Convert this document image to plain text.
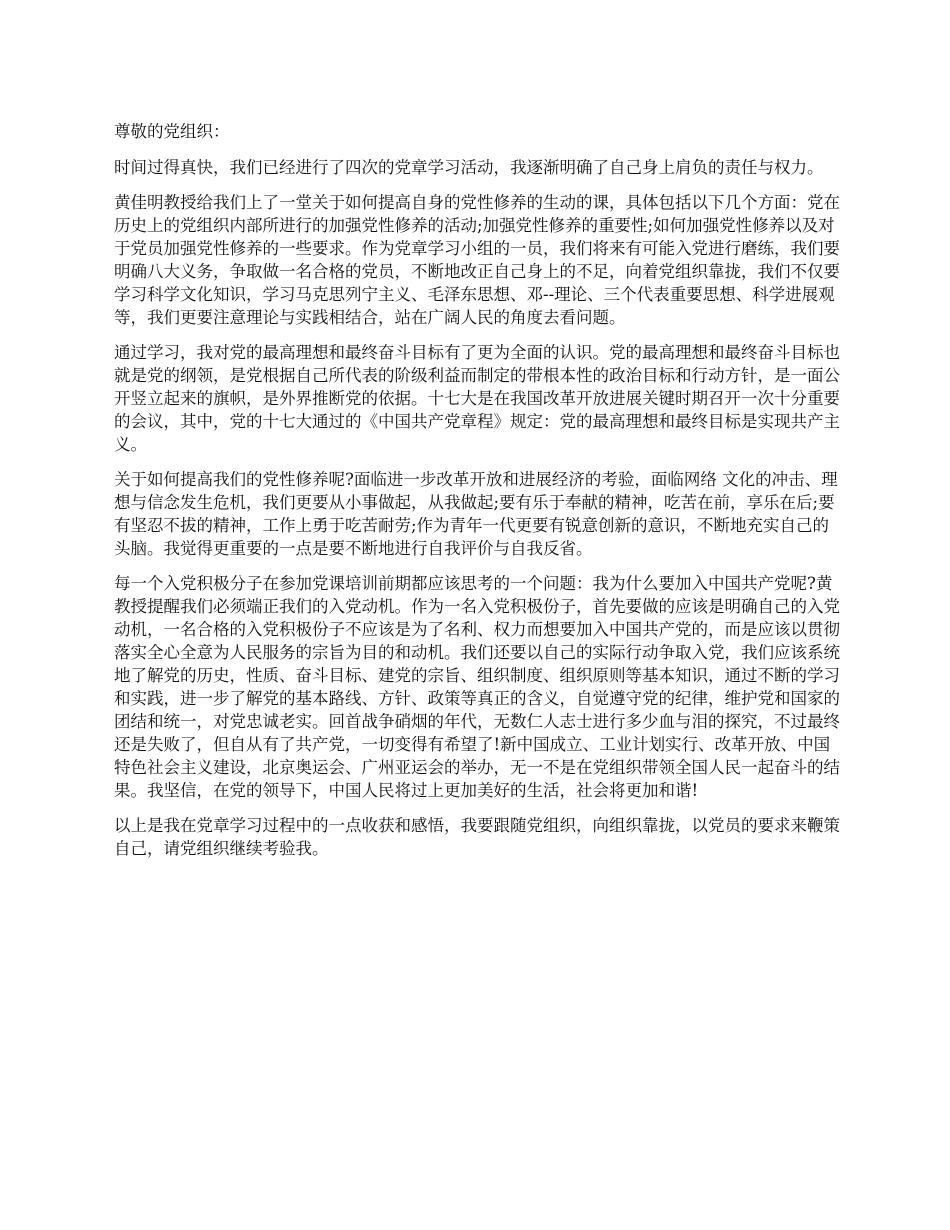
尊敬的党组织：

时间过得真快，我们已经进行了四次的党章学习活动，我逐渐明确了自己身上肩负的责任与权力。

黄佳明教授给我们上了一堂关于如何提高自身的党性修养的生动的课，具体包括以下几个方面：党在历史上的党组织内部所进行的加强党性修养的活动;加强党性修养的重要性;如何加强党性修养以及对于党员加强党性修养的一些要求。作为党章学习小组的一员，我们将来有可能入党进行磨练，我们要明确八大义务，争取做一名合格的党员，不断地改正自己身上的不足，向着党组织靠拢，我们不仅要学习科学文化知识，学习马克思列宁主义、毛泽东思想、邓--理论、三个代表重要思想、科学进展观等，我们更要注意理论与实践相结合，站在广阔人民的角度去看问题。

通过学习，我对党的最高理想和最终奋斗目标有了更为全面的认识。党的最高理想和最终奋斗目标也就是党的纲领，是党根据自己所代表的阶级利益而制定的带根本性的政治目标和行动方针，是一面公开竖立起来的旗帜，是外界推断党的依据。十七大是在我国改革开放进展关键时期召开一次十分重要的会议，其中，党的十七大通过的《中国共产党章程》规定：党的最高理想和最终目标是实现共产主义。

关于如何提高我们的党性修养呢?面临进一步改革开放和进展经济的考验，面临网络 文化的冲击、理想与信念发生危机，我们更要从小事做起，从我做起;要有乐于奉献的精神，吃苦在前，享乐在后;要有坚忍不拔的精神，工作上勇于吃苦耐劳;作为青年一代更要有锐意创新的意识，不断地充实自己的头脑。我觉得更重要的一点是要不断地进行自我评价与自我反省。

每一个入党积极分子在参加党课培训前期都应该思考的一个问题：我为什么要加入中国共产党呢?黄教授提醒我们必须端正我们的入党动机。作为一名入党积极份子，首先要做的应该是明确自己的入党动机，一名合格的入党积极份子不应该是为了名利、权力而想要加入中国共产党的，而是应该以贯彻落实全心全意为人民服务的宗旨为目的和动机。我们还要以自己的实际行动争取入党，我们应该系统地了解党的历史，性质、奋斗目标、建党的宗旨、组织制度、组织原则等基本知识，通过不断的学习和实践，进一步了解党的基本路线、方针、政策等真正的含义，自觉遵守党的纪律，维护党和国家的团结和统一，对党忠诚老实。回首战争硝烟的年代，无数仁人志士进行多少血与泪的探究，不过最终还是失败了，但自从有了共产党，一切变得有希望了!新中国成立、工业计划实行、改革开放、中国特色社会主义建设，北京奥运会、广州亚运会的举办，无一不是在党组织带领全国人民一起奋斗的结果。我坚信，在党的领导下，中国人民将过上更加美好的生活，社会将更加和谐!

以上是我在党章学习过程中的一点收获和感悟，我要跟随党组织，向组织靠拢，以党员的要求来鞭策自己，请党组织继续考验我。
